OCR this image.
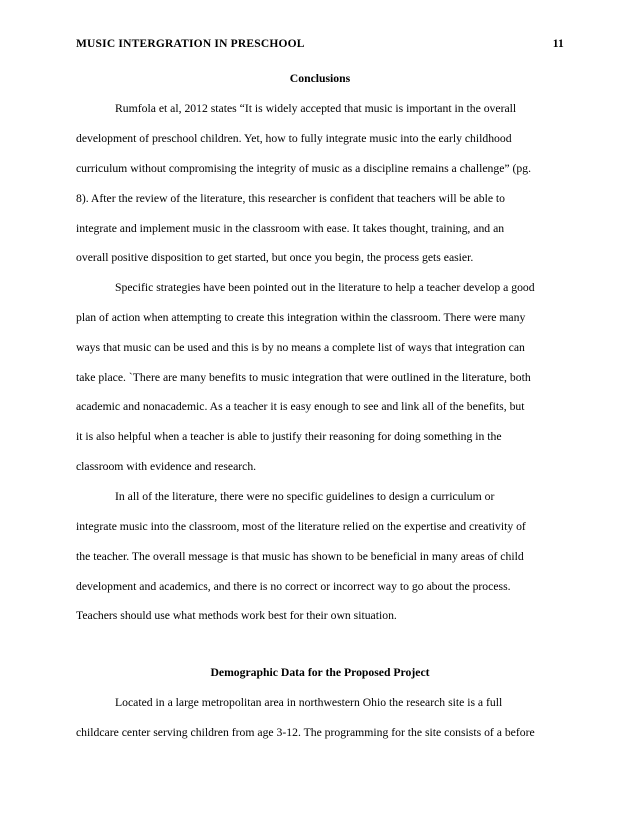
MUSIC INTERGRATION IN PRESCHOOL	11
Conclusions
Rumfola et al, 2012 states “It is widely accepted that music is important in the overall
development of preschool children. Yet, how to fully integrate music into the early childhood
curriculum without compromising the integrity of music as a discipline remains a challenge” (pg.
8). After the review of the literature, this researcher is confident that teachers will be able to
integrate and implement music in the classroom with ease. It takes thought, training, and an
overall positive disposition to get started, but once you begin, the process gets easier.
Specific strategies have been pointed out in the literature to help a teacher develop a good
plan of action when attempting to create this integration within the classroom. There were many
ways that music can be used and this is by no means a complete list of ways that integration can
take place. `There are many benefits to music integration that were outlined in the literature, both
academic and nonacademic. As a teacher it is easy enough to see and link all of the benefits, but
it is also helpful when a teacher is able to justify their reasoning for doing something in the
classroom with evidence and research.
In all of the literature, there were no specific guidelines to design a curriculum or
integrate music into the classroom, most of the literature relied on the expertise and creativity of
the teacher. The overall message is that music has shown to be beneficial in many areas of child
development and academics, and there is no correct or incorrect way to go about the process.
Teachers should use what methods work best for their own situation.
Demographic Data for the Proposed Project
Located in a large metropolitan area in northwestern Ohio the research site is a full
childcare center serving children from age 3-12. The programming for the site consists of a before
